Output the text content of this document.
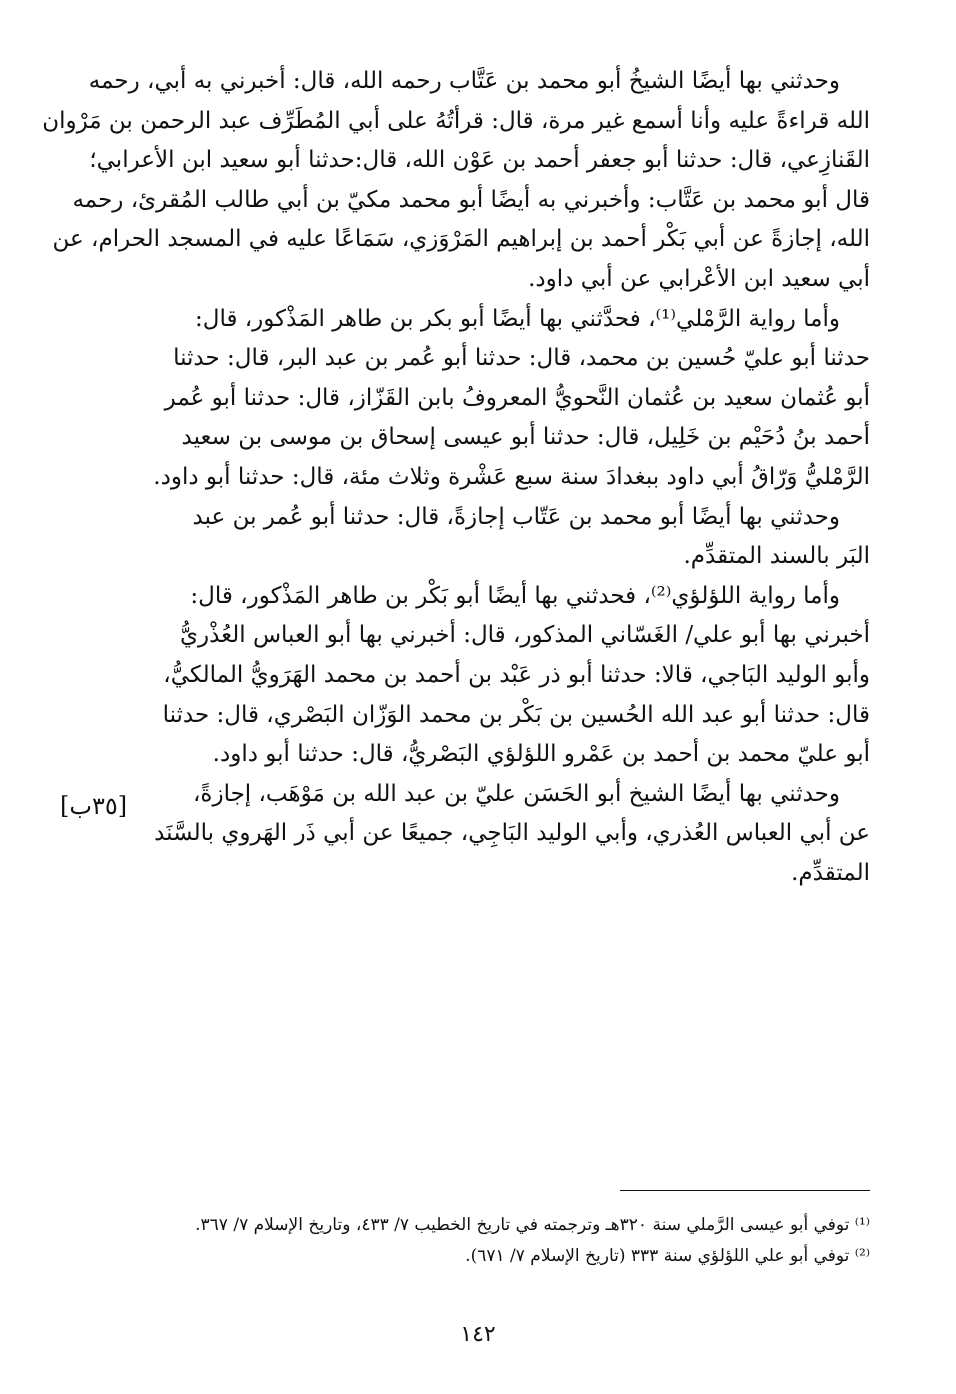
وحدثني بها أيضًا الشيخُ أبو محمد بن عَتَّاب رحمه الله، قال: أخبرني به أبي، رحمه
الله قراءةً عليه وأنا أسمع غير مرة، قال: قرأتُهُ على أبي المُطَرِّف عبد الرحمن بن مَرْوان
القَنازِعي، قال: حدثنا أبو جعفر أحمد بن عَوْن الله، قال:حدثنا أبو سعيد ابن الأعرابي؛
قال أبو محمد بن عَتَّاب: وأخبرني به أيضًا أبو محمد مكيّ بن أبي طالب المُقرئ، رحمه
الله، إجازةً عن أبي بَكْر أحمد بن إبراهيم المَرْوَزي، سَمَاعًا عليه في المسجد الحرام، عن
أبي سعيد ابن الأعْرابي عن أبي داود.
وأما رواية الرَّمْلي⁽¹⁾، فحدَّثني بها أيضًا أبو بكر بن طاهر المَذْكور، قال:
حدثنا أبو عليّ حُسين بن محمد، قال: حدثنا أبو عُمر بن عبد البر، قال: حدثنا
أبو عُثمان سعيد بن عُثمان النَّحويُّ المعروفُ بابن القَزّاز، قال: حدثنا أبو عُمر
أحمد بنُ دُحَيْم بن خَلِيل، قال: حدثنا أبو عيسى إسحاق بن موسى بن سعيد
الرَّمْليُّ وَرّاقُ أبي داود ببغدادَ سنة سبع عَشْرة وثلاث مئة، قال: حدثنا أبو داود.
وحدثني بها أيضًا أبو محمد بن عَتّاب إجازةً، قال: حدثنا أبو عُمر بن عبد
البَر بالسند المتقدِّم.
وأما رواية اللؤلؤي⁽²⁾، فحدثني بها أيضًا أبو بَكْر بن طاهر المَذْكور، قال:
أخبرني بها أبو علي/ الغَسّاني المذكور، قال: أخبرني بها أبو العباس العُذْريُّ
وأبو الوليد البَاجي، قالا: حدثنا أبو ذر عَبْد بن أحمد بن محمد الهَرَويُّ المالكيُّ،
قال: حدثنا أبو عبد الله الحُسين بن بَكْر بن محمد الوَزّان البَصْري، قال: حدثنا
أبو عليّ محمد بن أحمد بن عَمْرو اللؤلؤي البَصْريُّ، قال: حدثنا أبو داود.
وحدثني بها أيضًا الشيخ أبو الحَسَن عليّ بن عبد الله بن مَوْهَب، إجازةً،
عن أبي العباس العُذري، وأبي الوليد البَاجِي، جميعًا عن أبي ذَر الهَروي بالسَّنَد
المتقدِّم.
[٣٥ب]
⁽¹⁾ توفي أبو عيسى الرَّملي سنة ٣٢٠هـ وترجمته في تاريخ الخطيب ٧/ ٤٣٣، وتاريخ الإسلام ٧/ ٣٦٧.
⁽²⁾ توفي أبو علي اللؤلؤي سنة ٣٣٣ (تاريخ الإسلام ٧/ ٦٧١).
١٤٢
